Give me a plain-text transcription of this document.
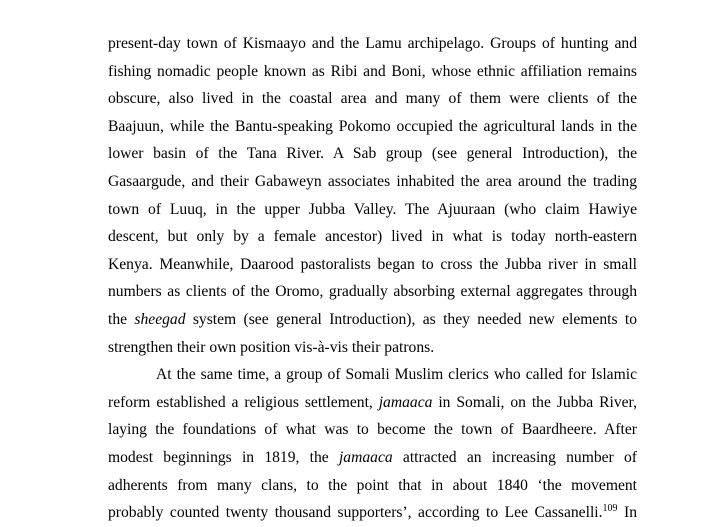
present-day town of Kismaayo and the Lamu archipelago. Groups of hunting and
fishing nomadic people known as Ribi and Boni, whose ethnic affiliation remains
obscure, also lived in the coastal area and many of them were clients of the
Baajuun, while the Bantu-speaking Pokomo occupied the agricultural lands in the
lower basin of the Tana River. A Sab group (see general Introduction), the
Gasaargude, and their Gabaweyn associates inhabited the area around the trading
town of Luuq, in the upper Jubba Valley. The Ajuuraan (who claim Hawiye
descent, but only by a female ancestor) lived in what is today north-eastern
Kenya. Meanwhile, Daarood pastoralists began to cross the Jubba river in small
numbers as clients of the Oromo, gradually absorbing external aggregates through
the sheegad system (see general Introduction), as they needed new elements to
strengthen their own position vis-à-vis their patrons.
At the same time, a group of Somali Muslim clerics who called for Islamic
reform established a religious settlement, jamaaca in Somali, on the Jubba River,
laying the foundations of what was to become the town of Baardheere. After
modest beginnings in 1819, the jamaaca attracted an increasing number of
adherents from many clans, to the point that in about 1840 ‘the movement
probably counted twenty thousand supporters’, according to Lee Cassanelli.$^{109}$ In
